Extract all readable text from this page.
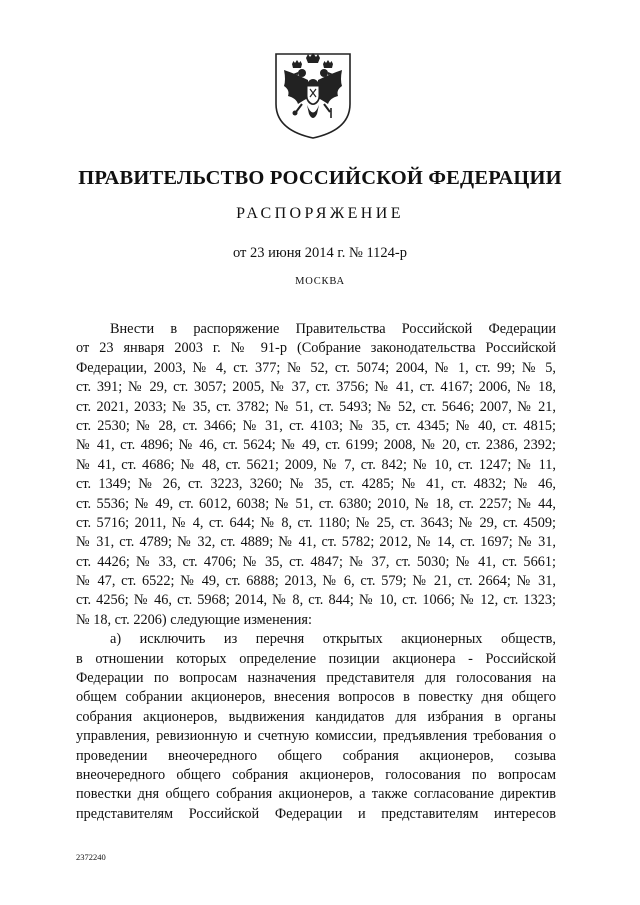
ПРАВИТЕЛЬСТВО РОССИЙСКОЙ ФЕДЕРАЦИИ
РАСПОРЯЖЕНИЕ
от 23 июня 2014 г. № 1124-р
МОСКВА
Внести в распоряжение Правительства Российской Федерации
от 23 января 2003 г. № 91-р (Собрание законодательства Российской
Федерации, 2003, № 4, ст. 377; № 52, ст. 5074; 2004, № 1, ст. 99; № 5,
ст. 391; № 29, ст. 3057; 2005, № 37, ст. 3756; № 41, ст. 4167; 2006, № 18,
ст. 2021, 2033; № 35, ст. 3782; № 51, ст. 5493; № 52, ст. 5646; 2007, № 21,
ст. 2530; № 28, ст. 3466; № 31, ст. 4103; № 35, ст. 4345; № 40, ст. 4815;
№ 41, ст. 4896; № 46, ст. 5624; № 49, ст. 6199; 2008, № 20, ст. 2386, 2392;
№ 41, ст. 4686; № 48, ст. 5621; 2009, № 7, ст. 842; № 10, ст. 1247; № 11,
ст. 1349; № 26, ст. 3223, 3260; № 35, ст. 4285; № 41, ст. 4832; № 46,
ст. 5536; № 49, ст. 6012, 6038; № 51, ст. 6380; 2010, № 18, ст. 2257; № 44,
ст. 5716; 2011, № 4, ст. 644; № 8, ст. 1180; № 25, ст. 3643; № 29, ст. 4509;
№ 31, ст. 4789; № 32, ст. 4889; № 41, ст. 5782; 2012, № 14, ст. 1697; № 31,
ст. 4426; № 33, ст. 4706; № 35, ст. 4847; № 37, ст. 5030; № 41, ст. 5661;
№ 47, ст. 6522; № 49, ст. 6888; 2013, № 6, ст. 579; № 21, ст. 2664; № 31,
ст. 4256; № 46, ст. 5968; 2014, № 8, ст. 844; № 10, ст. 1066; № 12, ст. 1323;
№ 18, ст. 2206) следующие изменения:
а) исключить из перечня открытых акционерных обществ,
в отношении которых определение позиции акционера - Российской
Федерации по вопросам назначения представителя для голосования на
общем собрании акционеров, внесения вопросов в повестку дня общего
собрания акционеров, выдвижения кандидатов для избрания в органы
управления, ревизионную и счетную комиссии, предъявления требования о
проведении внеочередного общего собрания акционеров, созыва
внеочередного общего собрания акционеров, голосования по вопросам
повестки дня общего собрания акционеров, а также согласование директив
представителям Российской Федерации и представителям интересов
2372240
